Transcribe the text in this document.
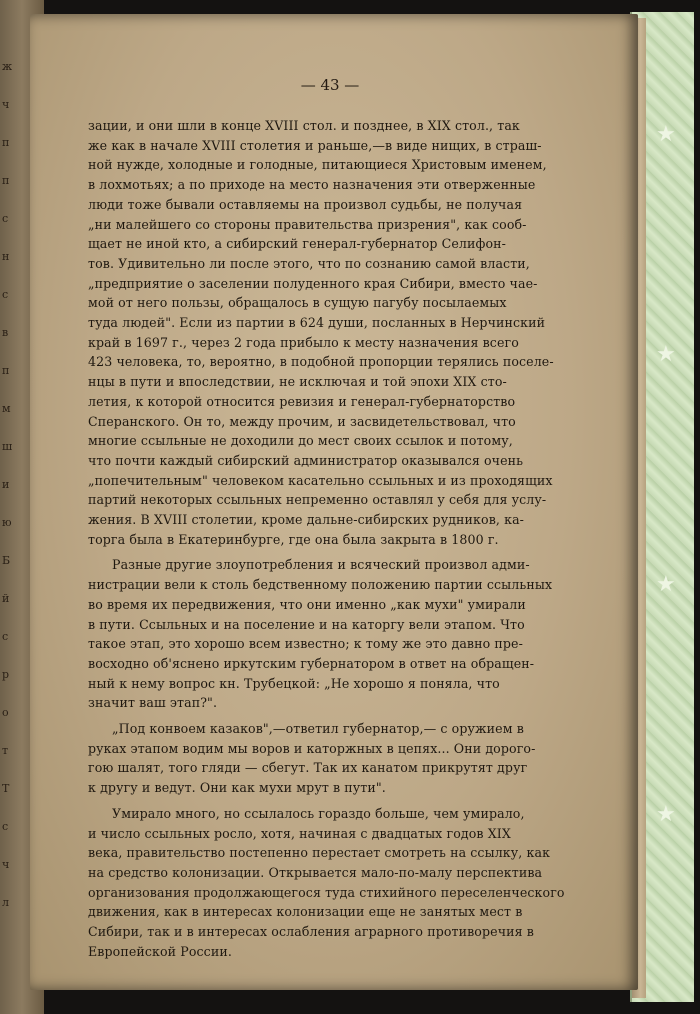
★
★
★
★
ж
ч
п
п
с
н
с
в
п
м
ш
и
ю
Б
й
с
р
о
т
Т
с
ч
л
— 43 —
зации, и они шли в конце XVIII стол. и позднее, в XIX стол., так
же как в начале XVIII столетия и раньше,—в виде нищих, в страш-
ной нужде, холодные и голодные, питающиеся Христовым именем,
в лохмотьях; а по приходе на место назначения эти отверженные
люди тоже бывали оставляемы на произвол судьбы, не получая
„ни малейшего со стороны правительства призрения", как сооб-
щает не иной кто, а сибирский генерал-губернатор Селифон-
тов. Удивительно ли после этого, что по сознанию самой власти,
„предприятие о заселении полуденного края Сибири, вместо чае-
мой от него пользы, обращалось в сущую пагубу посылаемых
туда людей". Если из партии в 624 души, посланных в Нерчинский
край в 1697 г., через 2 года прибыло к месту назначения всего
423 человека, то, вероятно, в подобной пропорции терялись поселе-
нцы в пути и впоследствии, не исключая и той эпохи XIX сто-
летия, к которой относится ревизия и генерал-губернаторство
Сперанского. Он то, между прочим, и засвидетельствовал, что
многие ссыльные не доходили до мест своих ссылок и потому,
что почти каждый сибирский администратор оказывался очень
„попечительным" человеком касательно ссыльных и из проходящих
партий некоторых ссыльных непременно оставлял у себя для услу-
жения. В XVIII столетии, кроме дальне-сибирских рудников, ка-
торга была в Екатеринбурге, где она была закрыта в 1800 г.
Разные другие злоупотребления и всяческий произвол адми-
нистрации вели к столь бедственному положению партии ссыльных
во время их передвижения, что они именно „как мухи" умирали
в пути. Ссыльных и на поселение и на каторгу вели этапом. Что
такое этап, это хорошо всем известно; к тому же это давно пре-
восходно об'яснено иркутским губернатором в ответ на обращен-
ный к нему вопрос кн. Трубецкой: „Не хорошо я поняла, что
значит ваш этап?".
„Под конвоем казаков",—ответил губернатор,— с оружием в
руках этапом водим мы воров и каторжных в цепях... Они дорого-
гою шалят, того гляди — сбегут. Так их канатом прикрутят друг
к другу и ведут. Они как мухи мрут в пути".
Умирало много, но ссылалось гораздо больше, чем умирало,
и число ссыльных росло, хотя, начиная с двадцатых годов XIX
века, правительство постепенно перестает смотреть на ссылку, как
на средство колонизации. Открывается мало-по-малу перспектива
организования продолжающегося туда стихийного переселенческого
движения, как в интересах колонизации еще не занятых мест в
Сибири, так и в интересах ослабления аграрного противоречия в
Европейской России.
